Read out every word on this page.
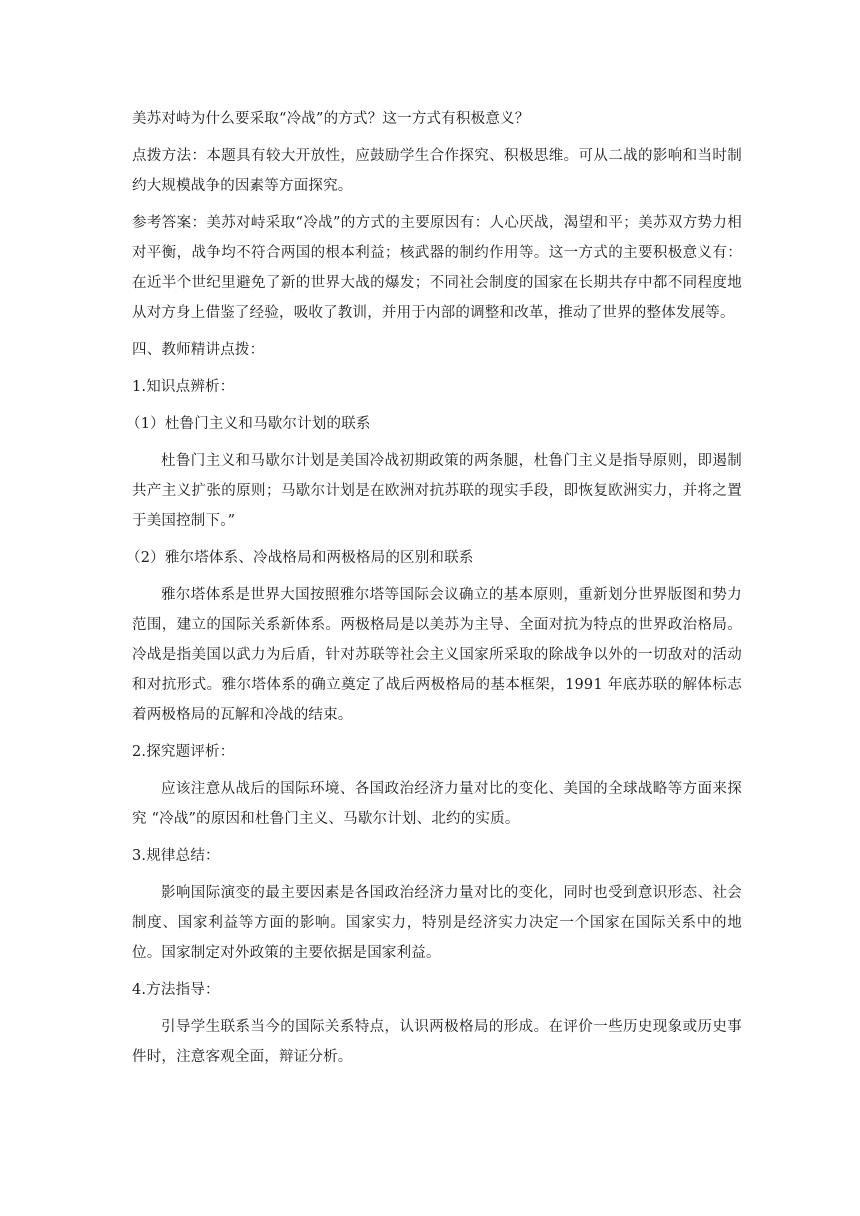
美苏对峙为什么要采取“冷战”的方式？这一方式有积极意义？

点拨方法：本题具有较大开放性，应鼓励学生合作探究、积极思维。可从二战的影响和当时制约大规模战争的因素等方面探究。

参考答案：美苏对峙采取“冷战”的方式的主要原因有：人心厌战，渴望和平；美苏双方势力相对平衡，战争均不符合两国的根本利益；核武器的制约作用等。这一方式的主要积极意义有：在近半个世纪里避免了新的世界大战的爆发；不同社会制度的国家在长期共存中都不同程度地从对方身上借鉴了经验，吸收了教训，并用于内部的调整和改革，推动了世界的整体发展等。

四、教师精讲点拨：

1.知识点辨析：

（1）杜鲁门主义和马歇尔计划的联系

杜鲁门主义和马歇尔计划是美国冷战初期政策的两条腿，杜鲁门主义是指导原则，即遏制共产主义扩张的原则；马歇尔计划是在欧洲对抗苏联的现实手段，即恢复欧洲实力，并将之置于美国控制下。”

（2）雅尔塔体系、冷战格局和两极格局的区别和联系

雅尔塔体系是世界大国按照雅尔塔等国际会议确立的基本原则，重新划分世界版图和势力范围，建立的国际关系新体系。两极格局是以美苏为主导、全面对抗为特点的世界政治格局。冷战是指美国以武力为后盾，针对苏联等社会主义国家所采取的除战争以外的一切敌对的活动和对抗形式。雅尔塔体系的确立奠定了战后两极格局的基本框架，1991 年底苏联的解体标志着两极格局的瓦解和冷战的结束。

2.探究题评析：

应该注意从战后的国际环境、各国政治经济力量对比的变化、美国的全球战略等方面来探究 “冷战”的原因和杜鲁门主义、马歇尔计划、北约的实质。

3.规律总结：

影响国际演变的最主要因素是各国政治经济力量对比的变化，同时也受到意识形态、社会制度、国家利益等方面的影响。国家实力，特别是经济实力决定一个国家在国际关系中的地位。国家制定对外政策的主要依据是国家利益。

4.方法指导：

引导学生联系当今的国际关系特点，认识两极格局的形成。在评价一些历史现象或历史事件时，注意客观全面，辩证分析。
